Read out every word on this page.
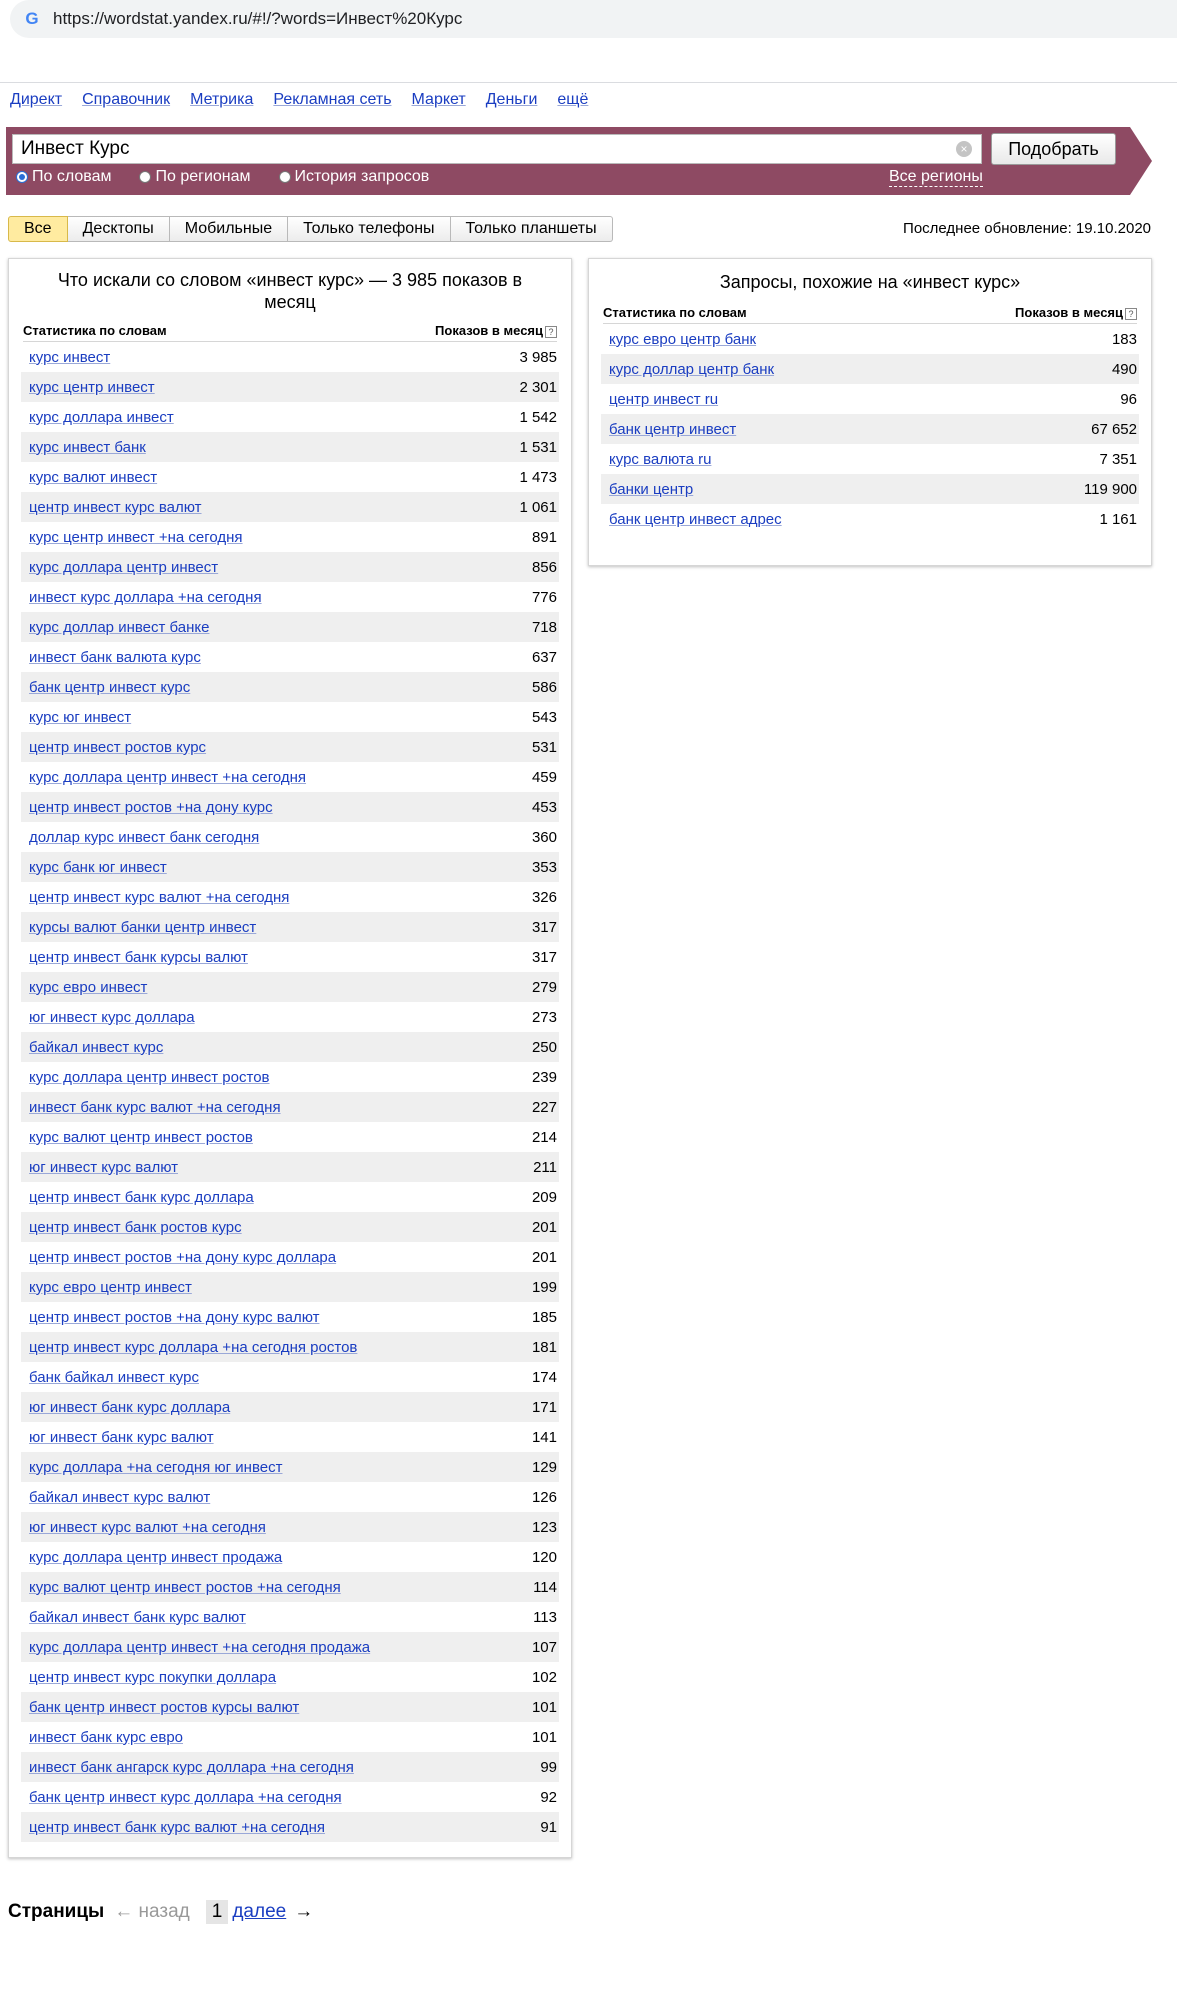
G https://wordstat.yandex.ru/#!/?words=Инвест%20Курс
Директ Справочник Метрика Рекламная сеть Маркет Деньги ещё
Инвест Курс	×	Подобрать
По словам	По регионам	История запросов	Все регионы
Все	Десктопы	Мобильные	Только телефоны	Только планшеты	Последнее обновление: 19.10.2020
Что искали со словом «инвест курс» — 3 985 показов в месяц
Статистика по словам	Показов в месяц ?
курс инвест	3 985
курс центр инвест	2 301
курс доллара инвест	1 542
курс инвест банк	1 531
курс валют инвест	1 473
центр инвест курс валют	1 061
курс центр инвест +на сегодня	891
курс доллара центр инвест	856
инвест курс доллара +на сегодня	776
курс доллар инвест банке	718
инвест банк валюта курс	637
банк центр инвест курс	586
курс юг инвест	543
центр инвест ростов курс	531
курс доллара центр инвест +на сегодня	459
центр инвест ростов +на дону курс	453
доллар курс инвест банк сегодня	360
курс банк юг инвест	353
центр инвест курс валют +на сегодня	326
курсы валют банки центр инвест	317
центр инвест банк курсы валют	317
курс евро инвест	279
юг инвест курс доллара	273
байкал инвест курс	250
курс доллара центр инвест ростов	239
инвест банк курс валют +на сегодня	227
курс валют центр инвест ростов	214
юг инвест курс валют	211
центр инвест банк курс доллара	209
центр инвест банк ростов курс	201
центр инвест ростов +на дону курс доллара	201
курс евро центр инвест	199
центр инвест ростов +на дону курс валют	185
центр инвест курс доллара +на сегодня ростов	181
банк байкал инвест курс	174
юг инвест банк курс доллара	171
юг инвест банк курс валют	141
курс доллара +на сегодня юг инвест	129
байкал инвест курс валют	126
юг инвест курс валют +на сегодня	123
курс доллара центр инвест продажа	120
курс валют центр инвест ростов +на сегодня	114
байкал инвест банк курс валют	113
курс доллара центр инвест +на сегодня продажа	107
центр инвест курс покупки доллара	102
банк центр инвест ростов курсы валют	101
инвест банк курс евро	101
инвест банк ангарск курс доллара +на сегодня	99
банк центр инвест курс доллара +на сегодня	92
центр инвест банк курс валют +на сегодня	91
Запросы, похожие на «инвест курс»
Статистика по словам	Показов в месяц ?
курс евро центр банк	183
курс доллар центр банк	490
центр инвест ru	96
банк центр инвест	67 652
курс валюта ru	7 351
банки центр	119 900
банк центр инвест адрес	1 161
Страницы ← назад	1 далее →
